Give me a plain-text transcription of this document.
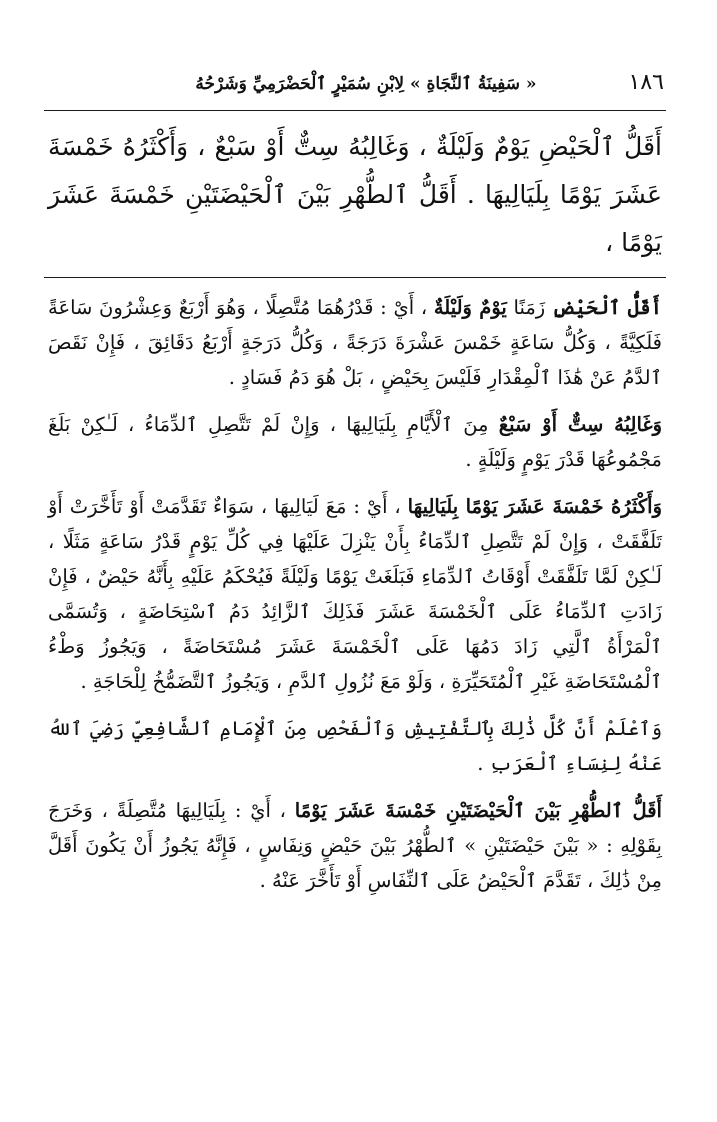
١٨٦
« سَفِينَةُ ٱلنَّجَاةِ » لِابْنِ سُمَيْرٍ ٱلْحَضْرَمِيِّ وَشَرْحُهُ

أَقَلُّ ٱلْحَيْضِ يَوْمٌ وَلَيْلَةٌ ، وَغَالِبُهُ سِتٌّ أَوْ سَبْعٌ ، وَأَكْثَرُهُ خَمْسَةَ عَشَرَ يَوْمًا بِلَيَالِيهَا . أَقَلُّ ٱلطُّهْرِ بَيْنَ ٱلْحَيْضَتَيْنِ خَمْسَةَ عَشَرَ يَوْمًا ،

أَقَلُّ ٱلْحَيْضِ زَمَنًا يَوْمٌ وَلَيْلَةٌ ، أَيْ : قَدْرُهُمَا مُتَّصِلًا ، وَهُوَ أَرْبَعٌ وَعِشْرُونَ سَاعَةً فَلَكِيَّةً ، وَكُلُّ سَاعَةٍ خَمْسَ عَشْرَةَ دَرَجَةً ، وَكُلُّ دَرَجَةٍ أَرْبَعُ دَقَائِقَ ، فَإِنْ نَقَصَ ٱلدَّمُ عَنْ هَٰذَا ٱلْمِقْدَارِ فَلَيْسَ بِحَيْضٍ ، بَلْ هُوَ دَمُ فَسَادٍ .

وَغَالِبُهُ سِتٌّ أَوْ سَبْعٌ مِنَ ٱلْأَيَّامِ بِلَيَالِيهَا ، وَإِنْ لَمْ تَتَّصِلِ ٱلدِّمَاءُ ، لَـٰكِنْ بَلَغَ مَجْمُوعُهَا قَدْرَ يَوْمٍ وَلَيْلَةٍ .

وَأَكْثَرُهُ خَمْسَةَ عَشَرَ يَوْمًا بِلَيَالِيهَا ، أَيْ : مَعَ لَيَالِيهَا ، سَوَاءٌ تَقَدَّمَتْ أَوْ تَأَخَّرَتْ أَوْ تَلَفَّقَتْ ، وَإِنْ لَمْ تَتَّصِلِ ٱلدِّمَاءُ بِأَنْ يَنْزِلَ عَلَيْهَا فِي كُلِّ يَوْمٍ قَدْرُ سَاعَةٍ مَثَلًا ، لَـٰكِنْ لَمَّا تَلَفَّقَتْ أَوْقَاتُ ٱلدِّمَاءِ فَبَلَغَتْ يَوْمًا وَلَيْلَةً فَيُحْكَمُ عَلَيْهِ بِأَنَّهُ حَيْضٌ ، فَإِنْ زَادَتِ ٱلدِّمَاءُ عَلَى ٱلْخَمْسَةَ عَشَرَ فَذَلِكَ ٱلزَّائِدُ دَمُ ٱسْتِحَاضَةٍ ، وَتُسَمَّى ٱلْمَرْأَةُ ٱلَّتِي زَادَ دَمُهَا عَلَى ٱلْخَمْسَةَ عَشَرَ مُسْتَحَاضَةً ، وَيَجُوزُ وَطْءُ ٱلْمُسْتَحَاضَةِ غَيْرِ ٱلْمُتَحَيِّرَةِ ، وَلَوْ مَعَ نُزُولِ ٱلدَّمِ ، وَيَجُوزُ ٱلتَّضَمُّخُ لِلْحَاجَةِ .

وَٱعْلَمْ أَنَّ كُلَّ ذَٰلِكَ بِٱلتَّفْتِيشِ وَٱلْفَحْصِ مِنَ ٱلْإِمَامِ ٱلشَّافِعِيِّ رَضِيَ ٱللهُ عَنْهُ لِنِسَاءِ ٱلْعَرَبِ .

أَقَلُّ ٱلطُّهْرِ بَيْنَ ٱلْحَيْضَتَيْنِ خَمْسَةَ عَشَرَ يَوْمًا ، أَيْ : بِلَيَالِيهَا مُتَّصِلَةً ، وَخَرَجَ بِقَوْلِهِ : « بَيْنَ حَيْضَتَيْنِ » ٱلطُّهْرُ بَيْنَ حَيْضٍ وَنِفَاسٍ ، فَإِنَّهُ يَجُوزُ أَنْ يَكُونَ أَقَلَّ مِنْ ذَٰلِكَ ، تَقَدَّمَ ٱلْحَيْضُ عَلَى ٱلنِّفَاسِ أَوْ تَأَخَّرَ عَنْهُ .
